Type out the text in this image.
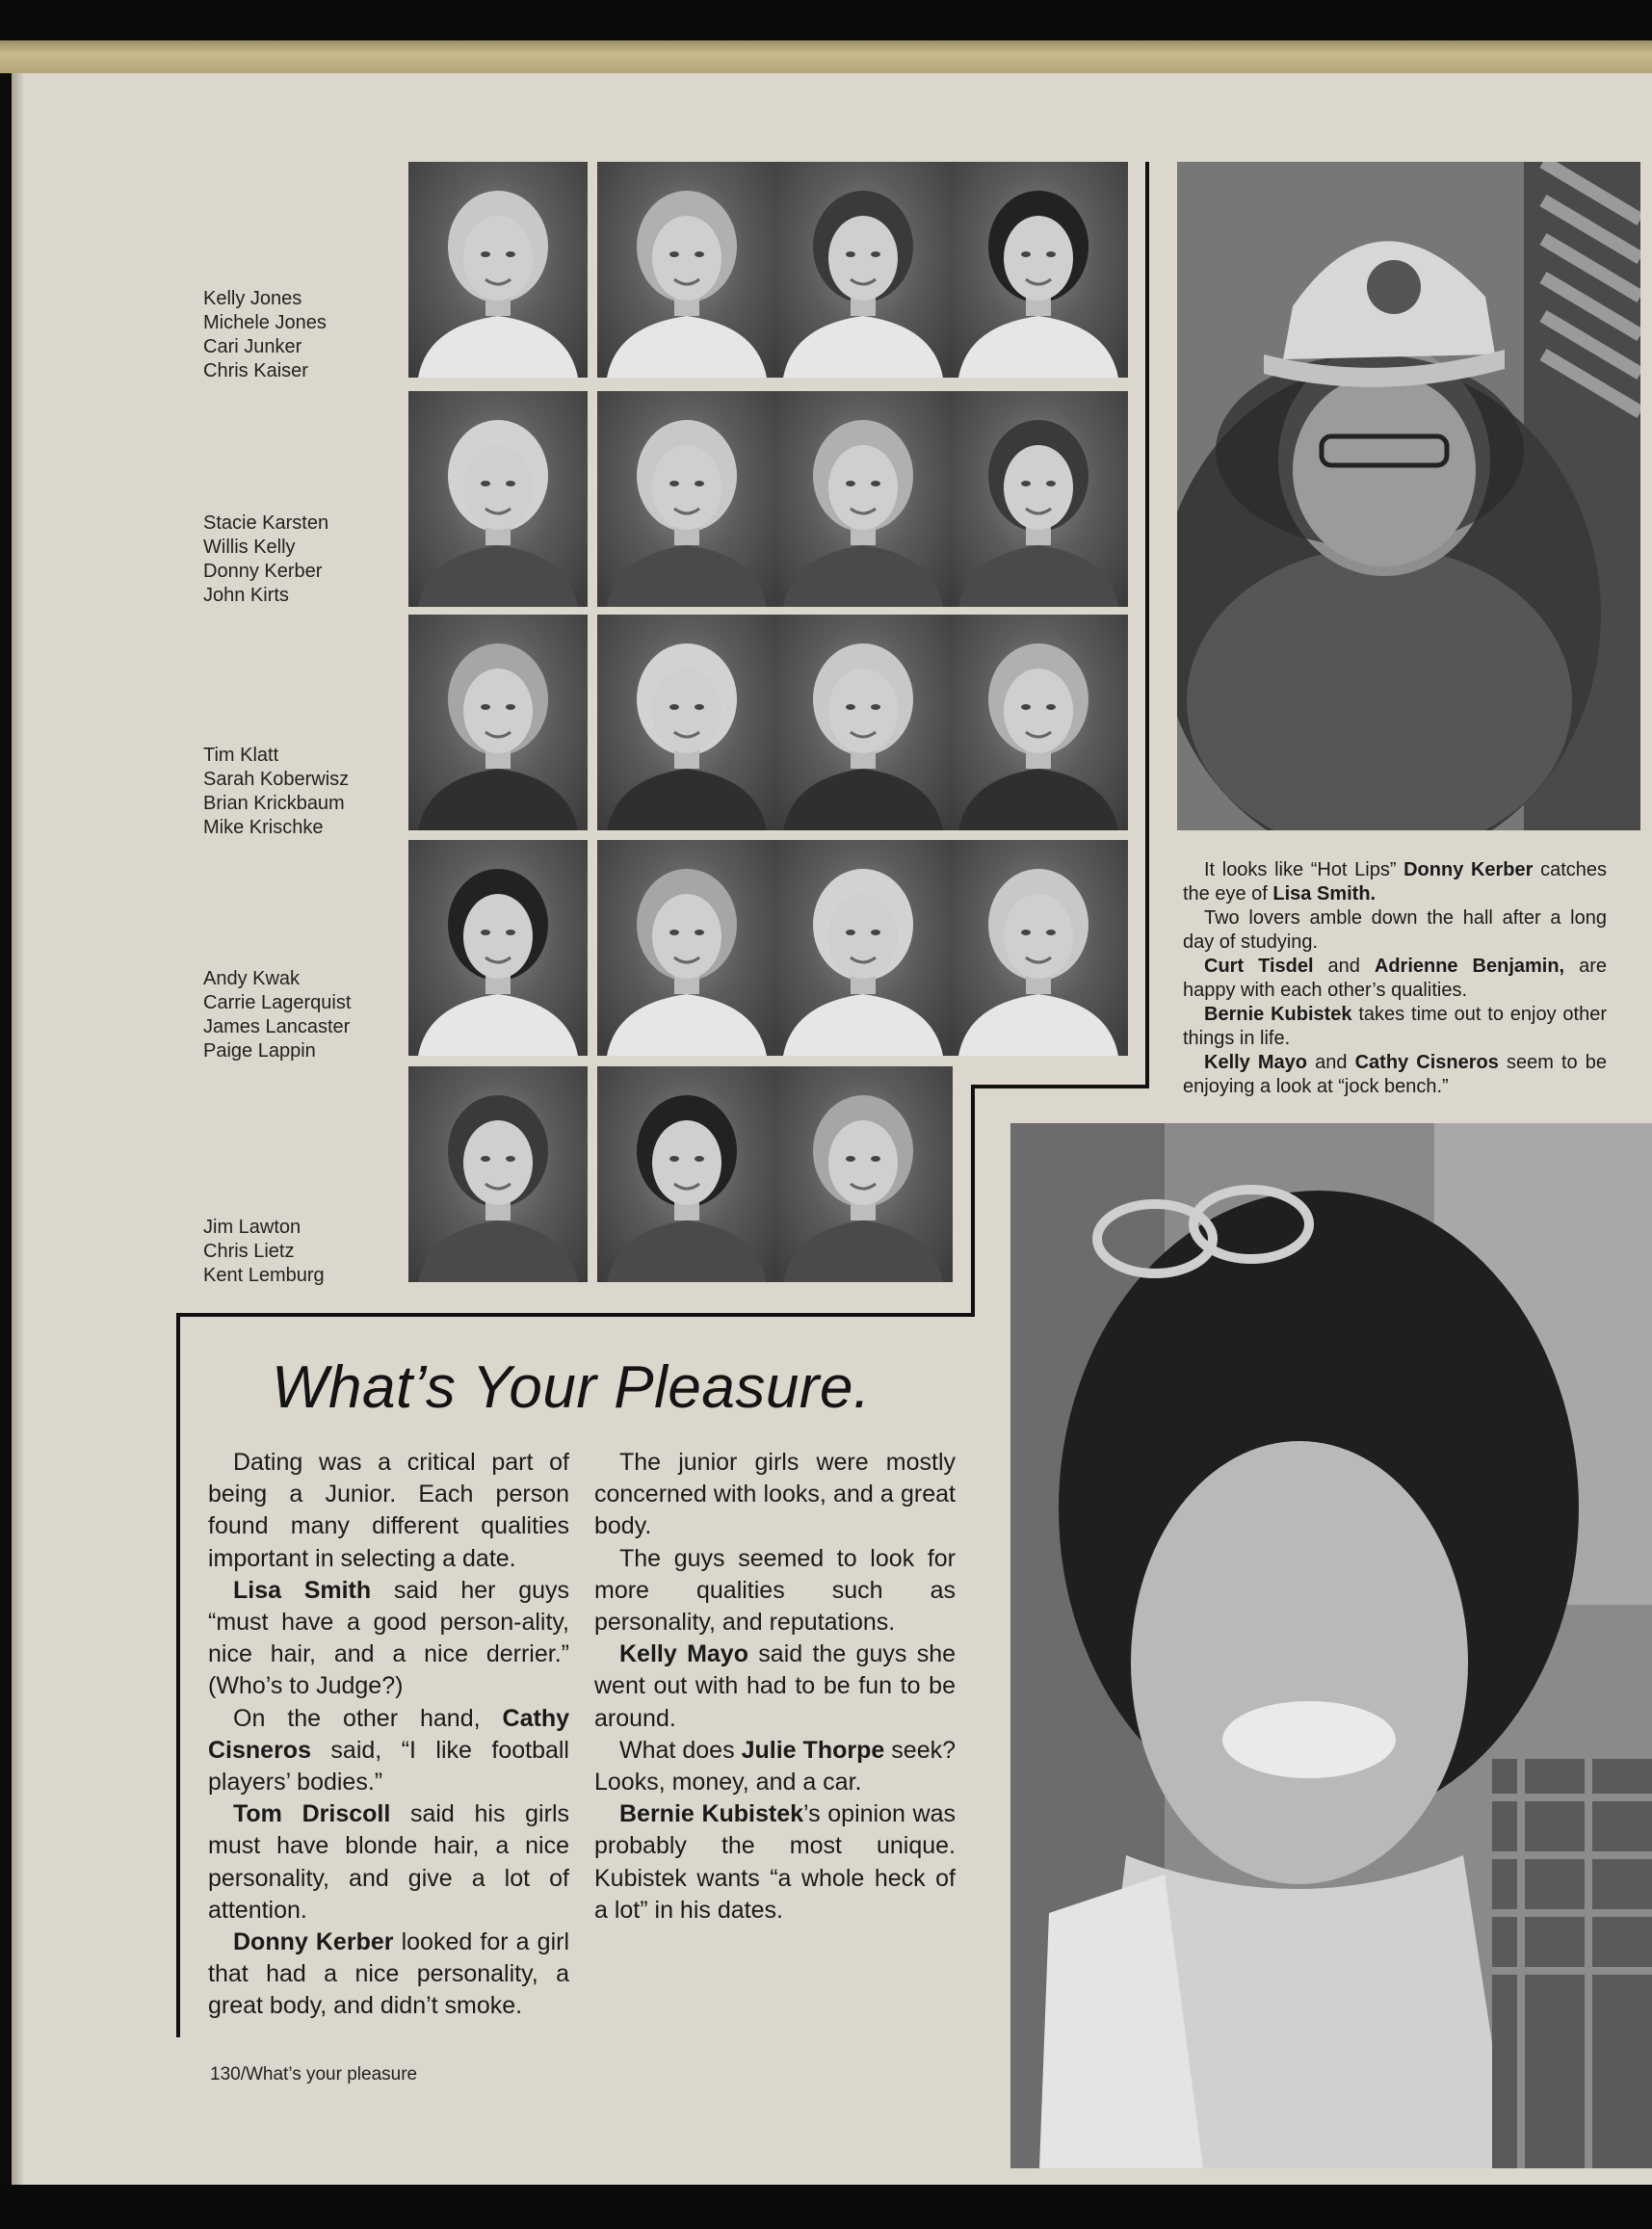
Kelly Jones
Michele Jones
Cari Junker
Chris Kaiser
Stacie Karsten
Willis Kelly
Donny Kerber
John Kirts
Tim Klatt
Sarah Koberwisz
Brian Krickbaum
Mike Krischke
Andy Kwak
Carrie Lagerquist
James Lancaster
Paige Lappin
Jim Lawton
Chris Lietz
Kent Lemburg
What’s Your Pleasure.

Dating was a critical part of being a Junior. Each person found many different qualities important in selecting a date.

Lisa Smith said her guys “must have a good person-ality, nice hair, and a nice derrier.” (Who’s to Judge?)

On the other hand, Cathy Cisneros said, “I like football players’ bodies.”

Tom Driscoll said his girls must have blonde hair, a nice personality, and give a lot of attention.

Donny Kerber looked for a girl that had a nice personality, a great body, and didn’t smoke.

The junior girls were mostly concerned with looks, and a great body.

The guys seemed to look for more qualities such as personality, and reputations.

Kelly Mayo said the guys she went out with had to be fun to be around.

What does Julie Thorpe seek? Looks, money, and a car.

Bernie Kubistek’s opinion was probably the most unique. Kubistek wants “a whole heck of a lot” in his dates.

It looks like “Hot Lips” Donny Kerber catches the eye of Lisa Smith.

Two lovers amble down the hall after a long day of studying.

Curt Tisdel and Adrienne Benjamin, are happy with each other’s qualities.

Bernie Kubistek takes time out to enjoy other things in life.

Kelly Mayo and Cathy Cisneros seem to be enjoying a look at “jock bench.”

130/What’s your pleasure
